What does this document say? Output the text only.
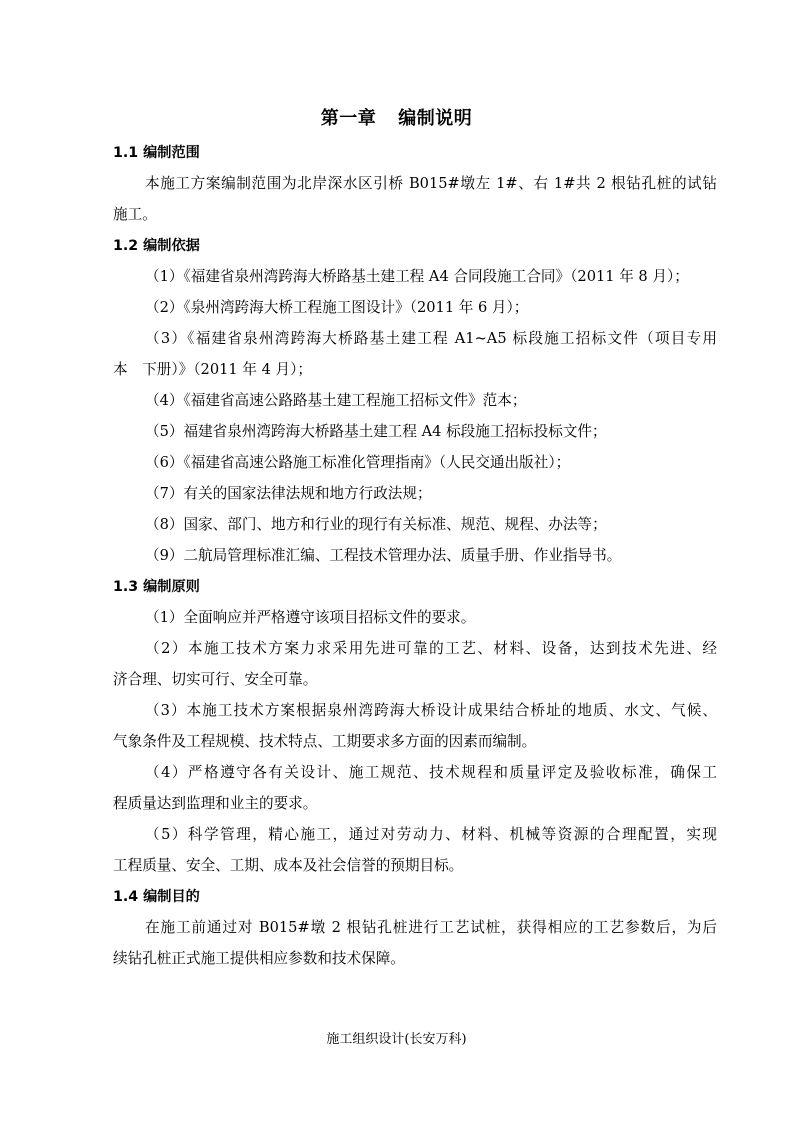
第一章 编制说明
1.1 编制范围
本施工方案编制范围为北岸深水区引桥 B015#墩左 1#、右 1#共 2 根钻孔桩的试钻
施工。
1.2 编制依据
（1）《福建省泉州湾跨海大桥路基土建工程 A4 合同段施工合同》（2011 年 8 月）；
（2）《泉州湾跨海大桥工程施工图设计》（2011 年 6 月）；
（3）《福建省泉州湾跨海大桥路基土建工程 A1~A5 标段施工招标文件（项目专用
本　下册）》（2011 年 4 月）；
（4）《福建省高速公路路基土建工程施工招标文件》范本；
（5）福建省泉州湾跨海大桥路基土建工程 A4 标段施工招标投标文件；
（6）《福建省高速公路施工标准化管理指南》（人民交通出版社）；
（7）有关的国家法律法规和地方行政法规；
（8）国家、部门、地方和行业的现行有关标准、规范、规程、办法等；
（9）二航局管理标准汇编、工程技术管理办法、质量手册、作业指导书。
1.3 编制原则
（1）全面响应并严格遵守该项目招标文件的要求。
（2）本施工技术方案力求采用先进可靠的工艺、材料、设备，达到技术先进、经
济合理、切实可行、安全可靠。
（3）本施工技术方案根据泉州湾跨海大桥设计成果结合桥址的地质、水文、气候、
气象条件及工程规模、技术特点、工期要求多方面的因素而编制。
（4）严格遵守各有关设计、施工规范、技术规程和质量评定及验收标准，确保工
程质量达到监理和业主的要求。
（5）科学管理，精心施工，通过对劳动力、材料、机械等资源的合理配置，实现
工程质量、安全、工期、成本及社会信誉的预期目标。
1.4 编制目的
在施工前通过对 B015#墩 2 根钻孔桩进行工艺试桩，获得相应的工艺参数后，为后
续钻孔桩正式施工提供相应参数和技术保障。
施工组织设计(长安万科)
